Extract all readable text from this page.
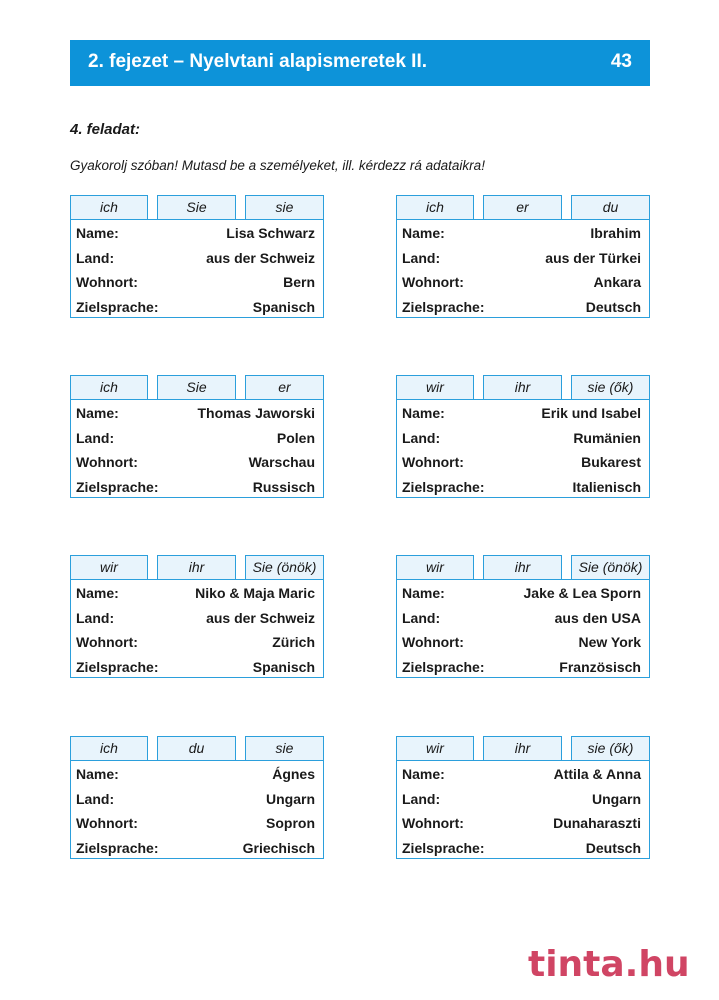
2. fejezet – Nyelvtani alapismeretek II.	43
4. feladat:
Gyakorolj szóban! Mutasd be a személyeket, ill. kérdezz rá adataikra!
ich	Sie	sie
Name:	Lisa Schwarz
Land:	aus der Schweiz
Wohnort:	Bern
Zielsprache:	Spanisch
ich	er	du
Name:	Ibrahim
Land:	aus der Türkei
Wohnort:	Ankara
Zielsprache:	Deutsch
ich	Sie	er
Name:	Thomas Jaworski
Land:	Polen
Wohnort:	Warschau
Zielsprache:	Russisch
wir	ihr	sie (ők)
Name:	Erik und Isabel
Land:	Rumänien
Wohnort:	Bukarest
Zielsprache:	Italienisch
wir	ihr	Sie (önök)
Name:	Niko & Maja Maric
Land:	aus der Schweiz
Wohnort:	Zürich
Zielsprache:	Spanisch
wir	ihr	Sie (önök)
Name:	Jake & Lea Sporn
Land:	aus den USA
Wohnort:	New York
Zielsprache:	Französisch
ich	du	sie
Name:	Ágnes
Land:	Ungarn
Wohnort:	Sopron
Zielsprache:	Griechisch
wir	ihr	sie (ők)
Name:	Attila & Anna
Land:	Ungarn
Wohnort:	Dunaharaszti
Zielsprache:	Deutsch
tinta.hu
